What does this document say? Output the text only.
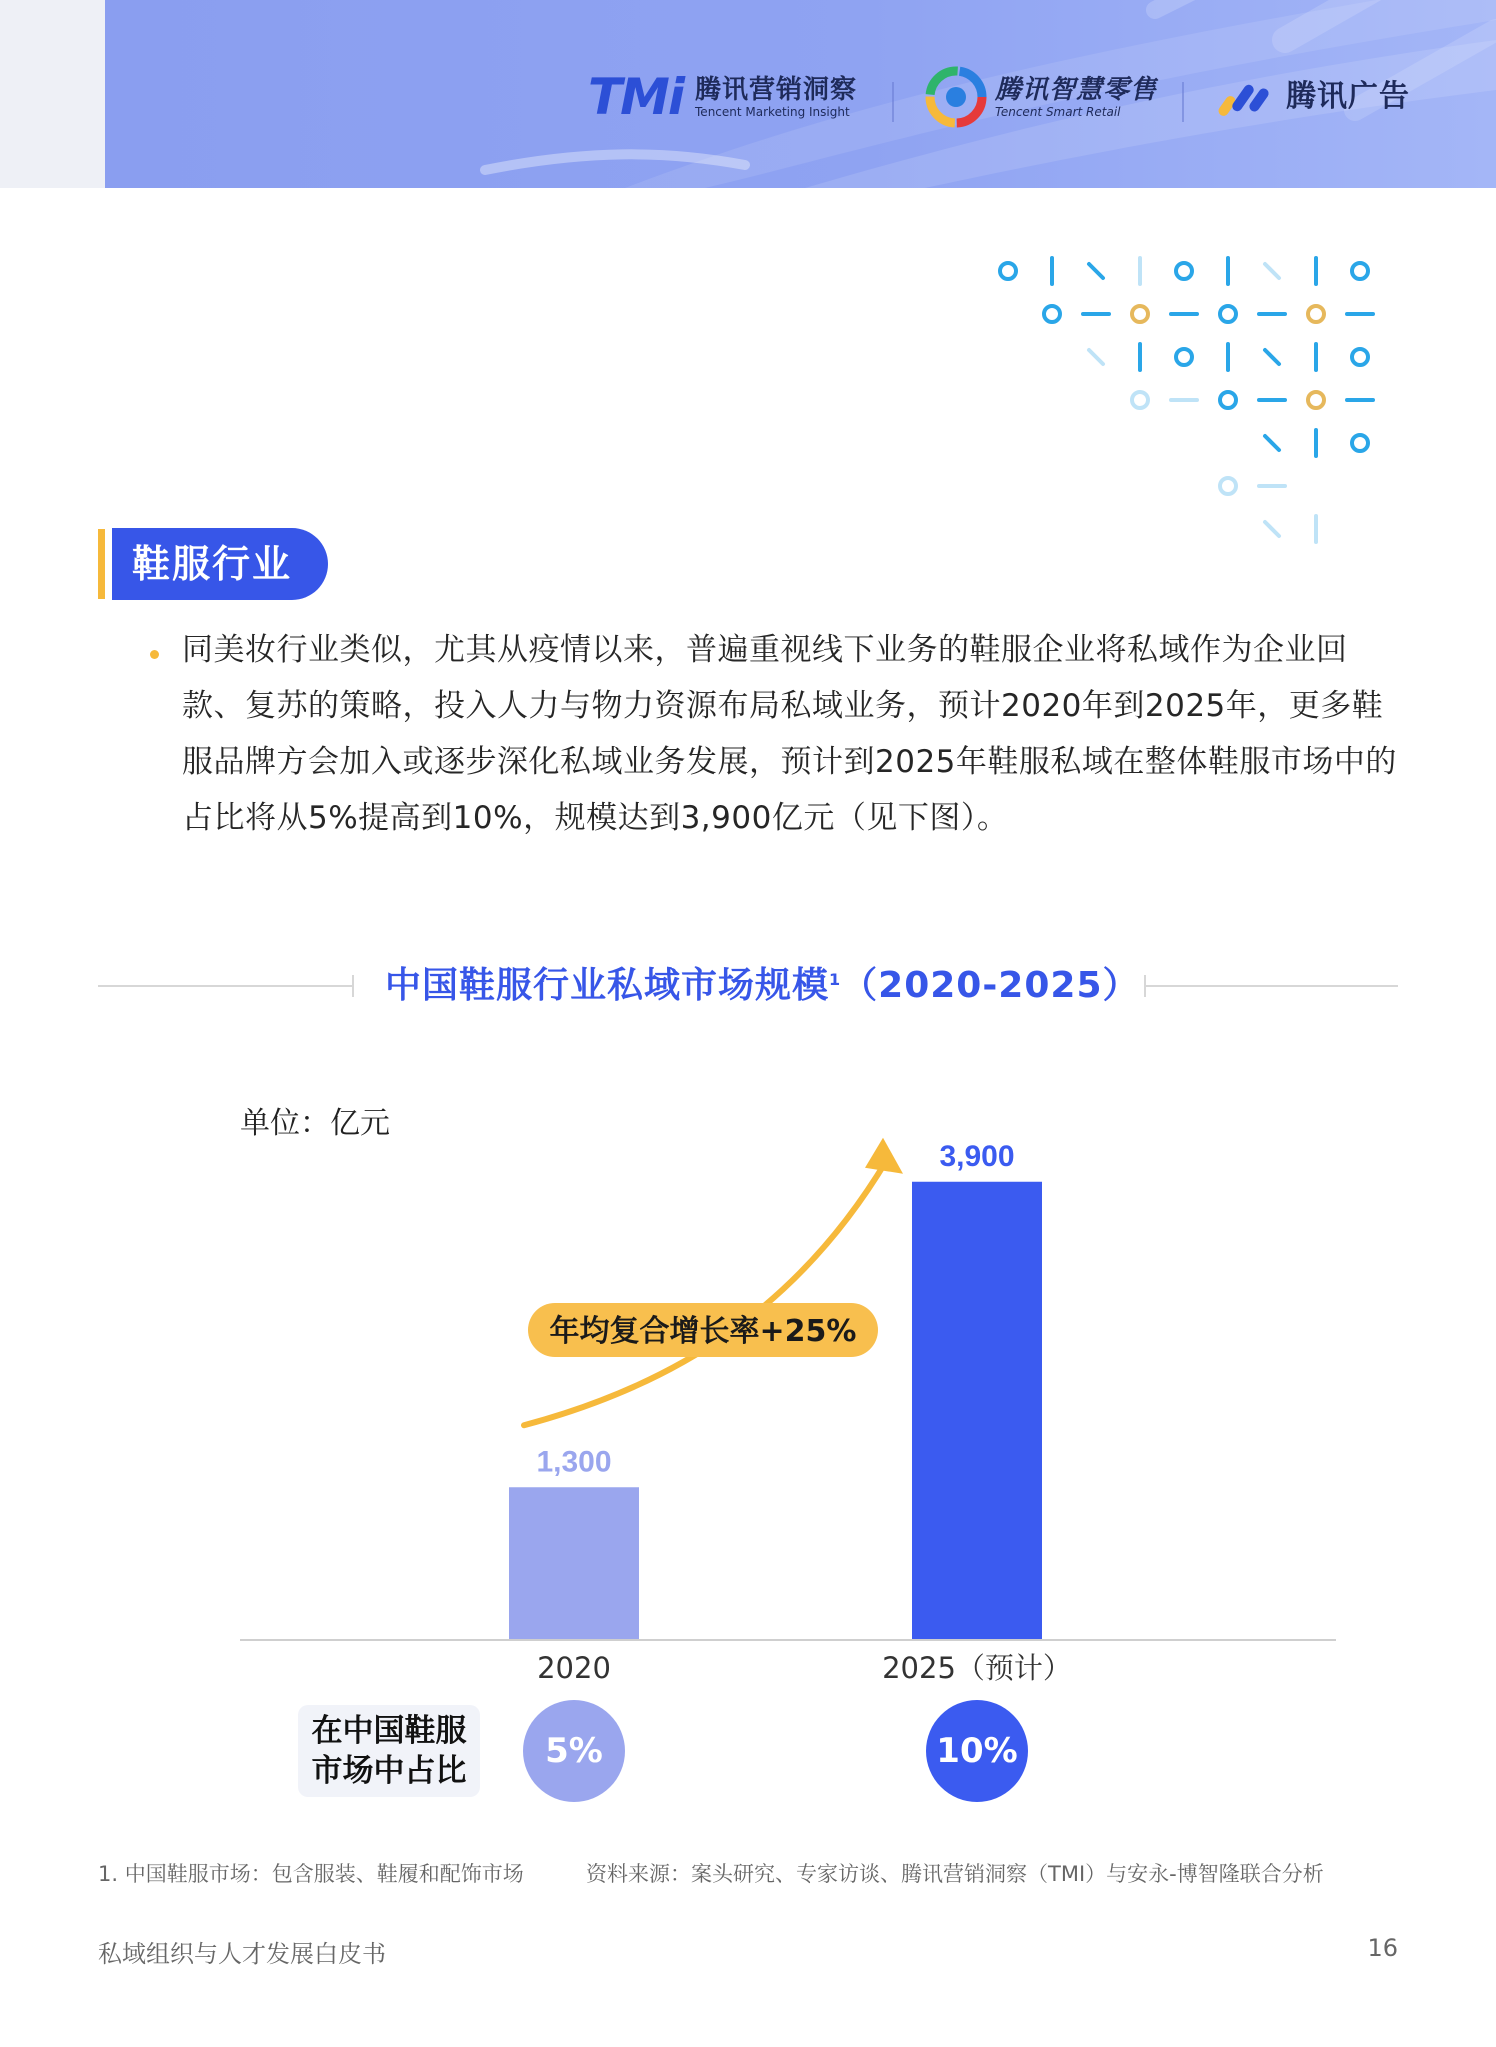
TMi 腾讯营销洞察
Tencent Marketing Insight
腾讯智慧零售
Tencent Smart Retail	腾讯广告
鞋服行业
同美妆行业类似，尤其从疫情以来，普遍重视线下业务的鞋服企业将私域作为企业回款、复苏的策略，投入人力与物力资源布局私域业务，预计2020年到2025年，更多鞋服品牌方会加入或逐步深化私域业务发展，预计到2025年鞋服私域在整体鞋服市场中的占比将从5%提高到10%，规模达到3,900亿元（见下图）。
中国鞋服行业私域市场规模$^1$（2020-2025）
单位：亿元
1,300
2020
3,900
2025（预计）
年均复合增长率+25%
在中国鞋服
市场中占比	5%	10%
1. 中国鞋服市场：包含服装、鞋履和配饰市场	资料来源：案头研究、专家访谈、腾讯营销洞察（TMI）与安永-博智隆联合分析
私域组织与人才发展白皮书	16
